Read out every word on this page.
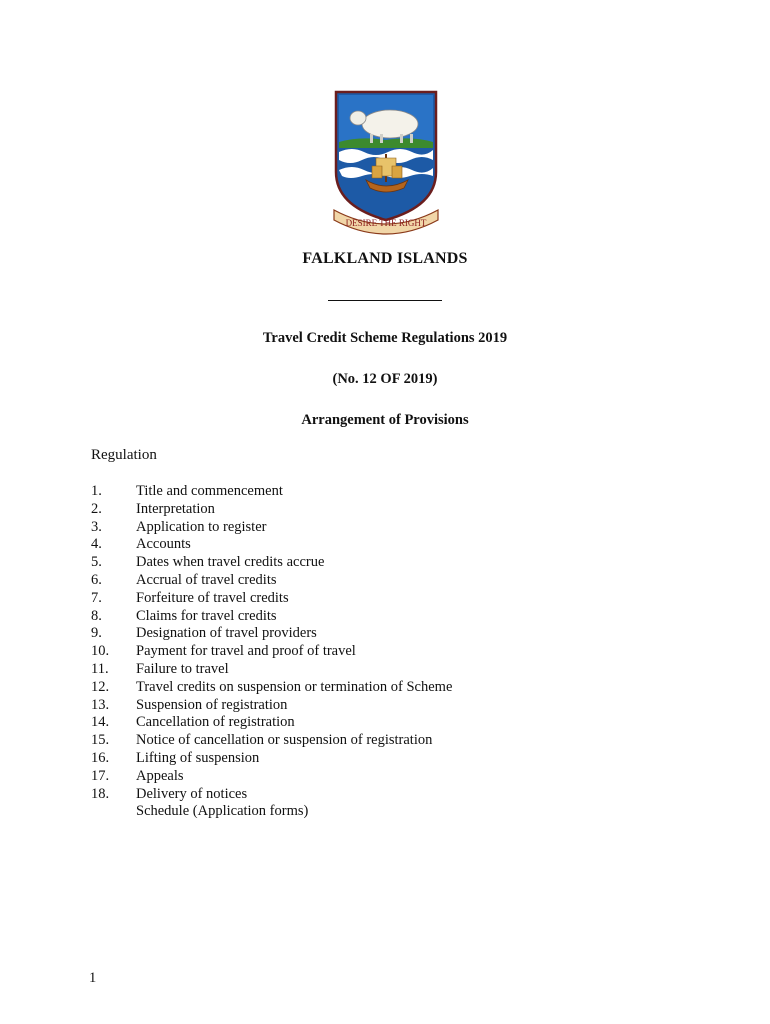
DESIRE THE RIGHT
FALKLAND ISLANDS
Travel Credit Scheme Regulations 2019
(No. 12 OF 2019)
Arrangement of Provisions
Regulation
1. Title and commencement
2. Interpretation
3. Application to register
4. Accounts
5. Dates when travel credits accrue
6. Accrual of travel credits
7. Forfeiture of travel credits
8. Claims for travel credits
9. Designation of travel providers
10. Payment for travel and proof of travel
11. Failure to travel
12. Travel credits on suspension or termination of Scheme
13. Suspension of registration
14. Cancellation of registration
15. Notice of cancellation or suspension of registration
16. Lifting of suspension
17. Appeals
18. Delivery of notices
Schedule (Application forms)
1
